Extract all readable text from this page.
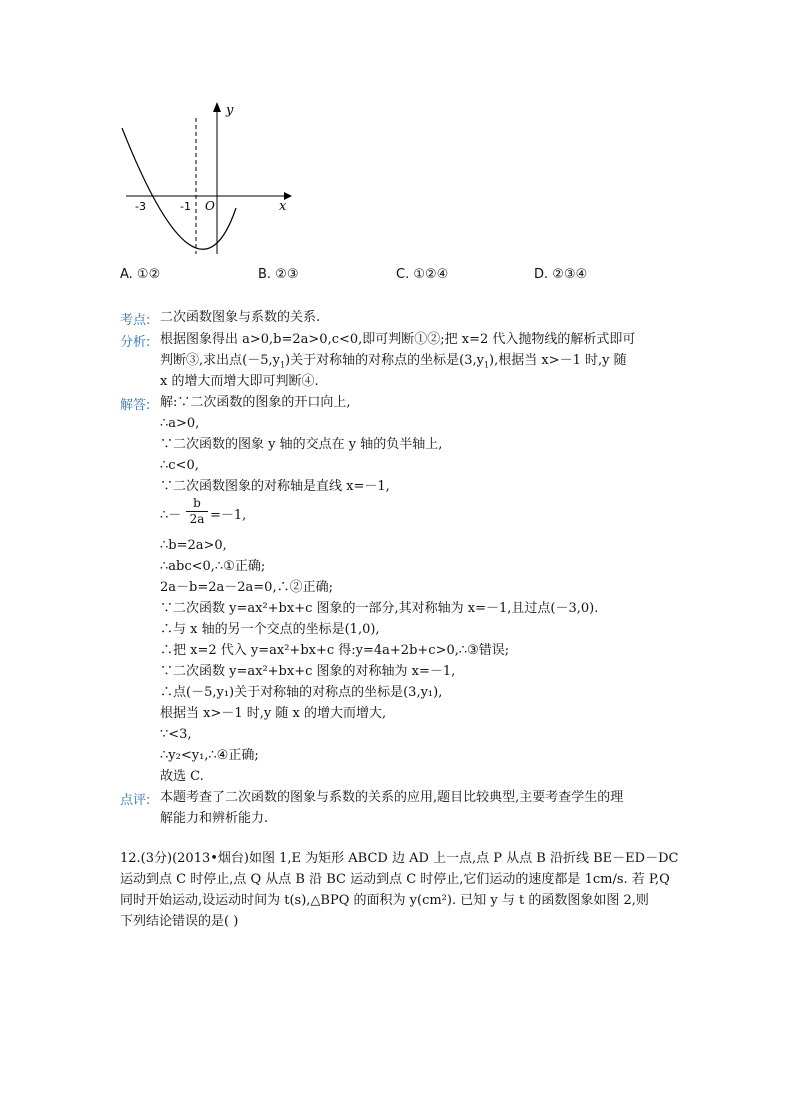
y
x
O
-3	-1
A. ①②	B. ②③	C. ①②④	D. ②③④
考点: 二次函数图象与系数的关系.
分析: 根据图象得出 a>0,b=2a>0,c<0,即可判断①②;把 x=2 代入抛物线的解析式即可
判断③,求出点$(-5,y_1)$关于对称轴的对称点的坐标是$(3,y_1)$,根据当 x>－1 时,y 随
x 的增大而增大即可判断④.
解答: 解:∵二次函数的图象的开口向上,
∴a>0,
∵二次函数的图象 y 轴的交点在 y 轴的负半轴上,
∴c<0,
∵二次函数图象的对称轴是直线 x=－1,
∴－ $\frac{b}{2a} =-1$,
∴b=2a>0,
∴abc<0,∴①正确;
2a－b=2a－2a=0,∴②正确;
∵二次函数 y=ax²+bx+c 图象的一部分,其对称轴为 x=－1,且过点(－3,0).
∴与 x 轴的另一个交点的坐标是(1,0),
∴把 x=2 代入 y=ax²+bx+c 得:y=4a+2b+c>0,∴③错误;
∵二次函数 y=ax²+bx+c 图象的对称轴为 x=－1,
∴点(－5,y₁)关于对称轴的对称点的坐标是(3,y₁),
根据当 x>－1 时,y 随 x 的增大而增大,
∵<3,
∴y₂<y₁,∴④正确;
故选 C.
点评: 本题考查了二次函数的图象与系数的关系的应用,题目比较典型,主要考查学生的理
解能力和辨析能力.
12.(3分)(2013•烟台)如图 1,E 为矩形 ABCD 边 AD 上一点,点 P 从点 B 沿折线 BE－ED－DC
运动到点 C 时停止,点 Q 从点 B 沿 BC 运动到点 C 时停止,它们运动的速度都是 1cm/s. 若 P,Q
同时开始运动,设运动时间为 t(s),△BPQ 的面积为 y(cm²). 已知 y 与 t 的函数图象如图 2,则
下列结论错误的是( )
